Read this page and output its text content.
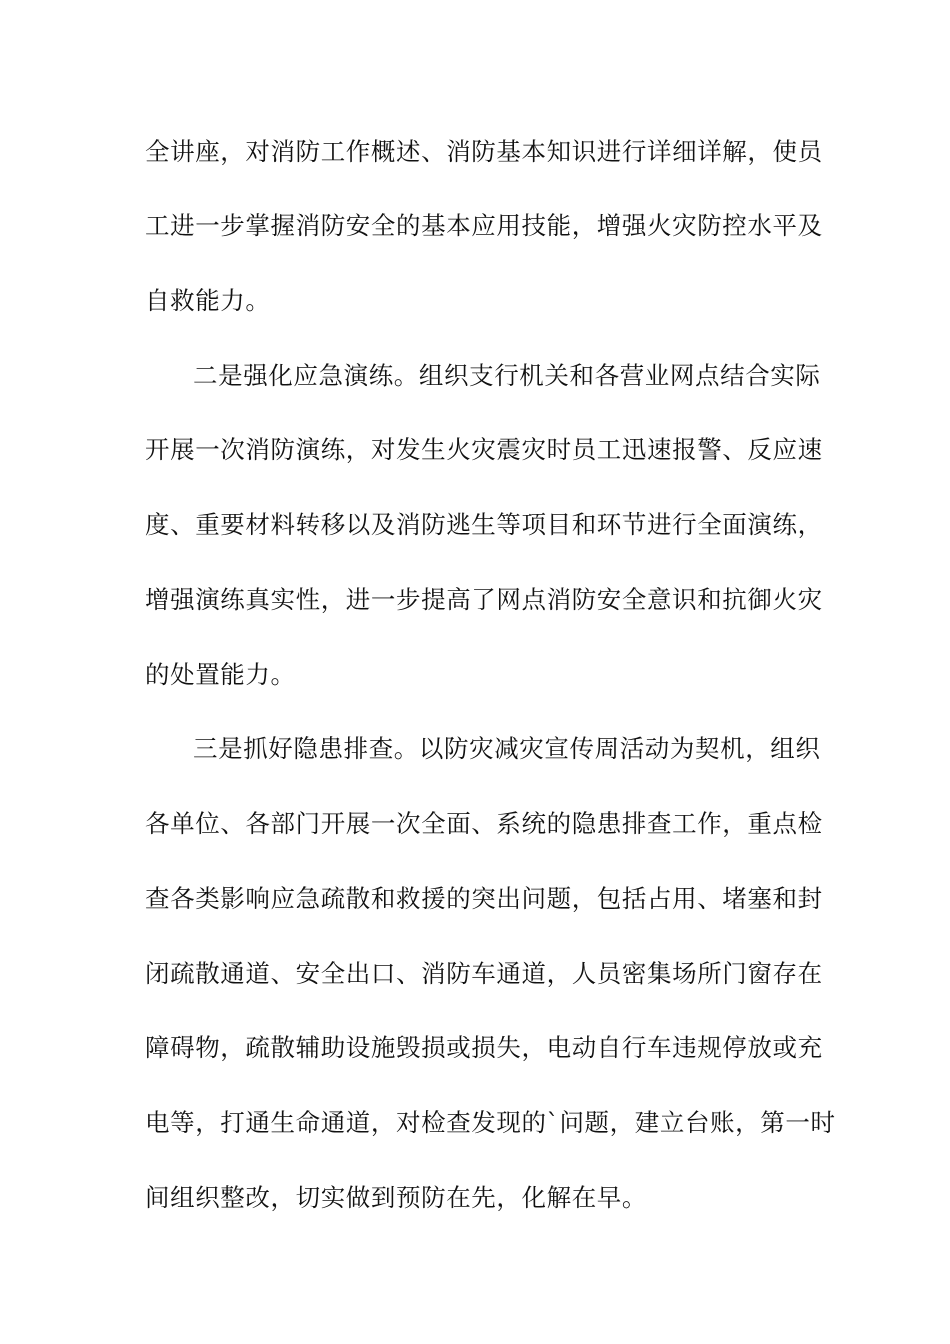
全讲座，对消防工作概述、消防基本知识进行详细详解，使员
工进一步掌握消防安全的基本应用技能，增强火灾防控水平及
自救能力。
二是强化应急演练。组织支行机关和各营业网点结合实际
开展一次消防演练，对发生火灾震灾时员工迅速报警、反应速
度、重要材料转移以及消防逃生等项目和环节进行全面演练，
增强演练真实性，进一步提高了网点消防安全意识和抗御火灾
的处置能力。
三是抓好隐患排查。以防灾减灾宣传周活动为契机，组织
各单位、各部门开展一次全面、系统的隐患排查工作，重点检
查各类影响应急疏散和救援的突出问题，包括占用、堵塞和封
闭疏散通道、安全出口、消防车通道，人员密集场所门窗存在
障碍物，疏散辅助设施毁损或损失，电动自行车违规停放或充
电等，打通生命通道，对检查发现的`问题，建立台账，第一时
间组织整改，切实做到预防在先，化解在早。
